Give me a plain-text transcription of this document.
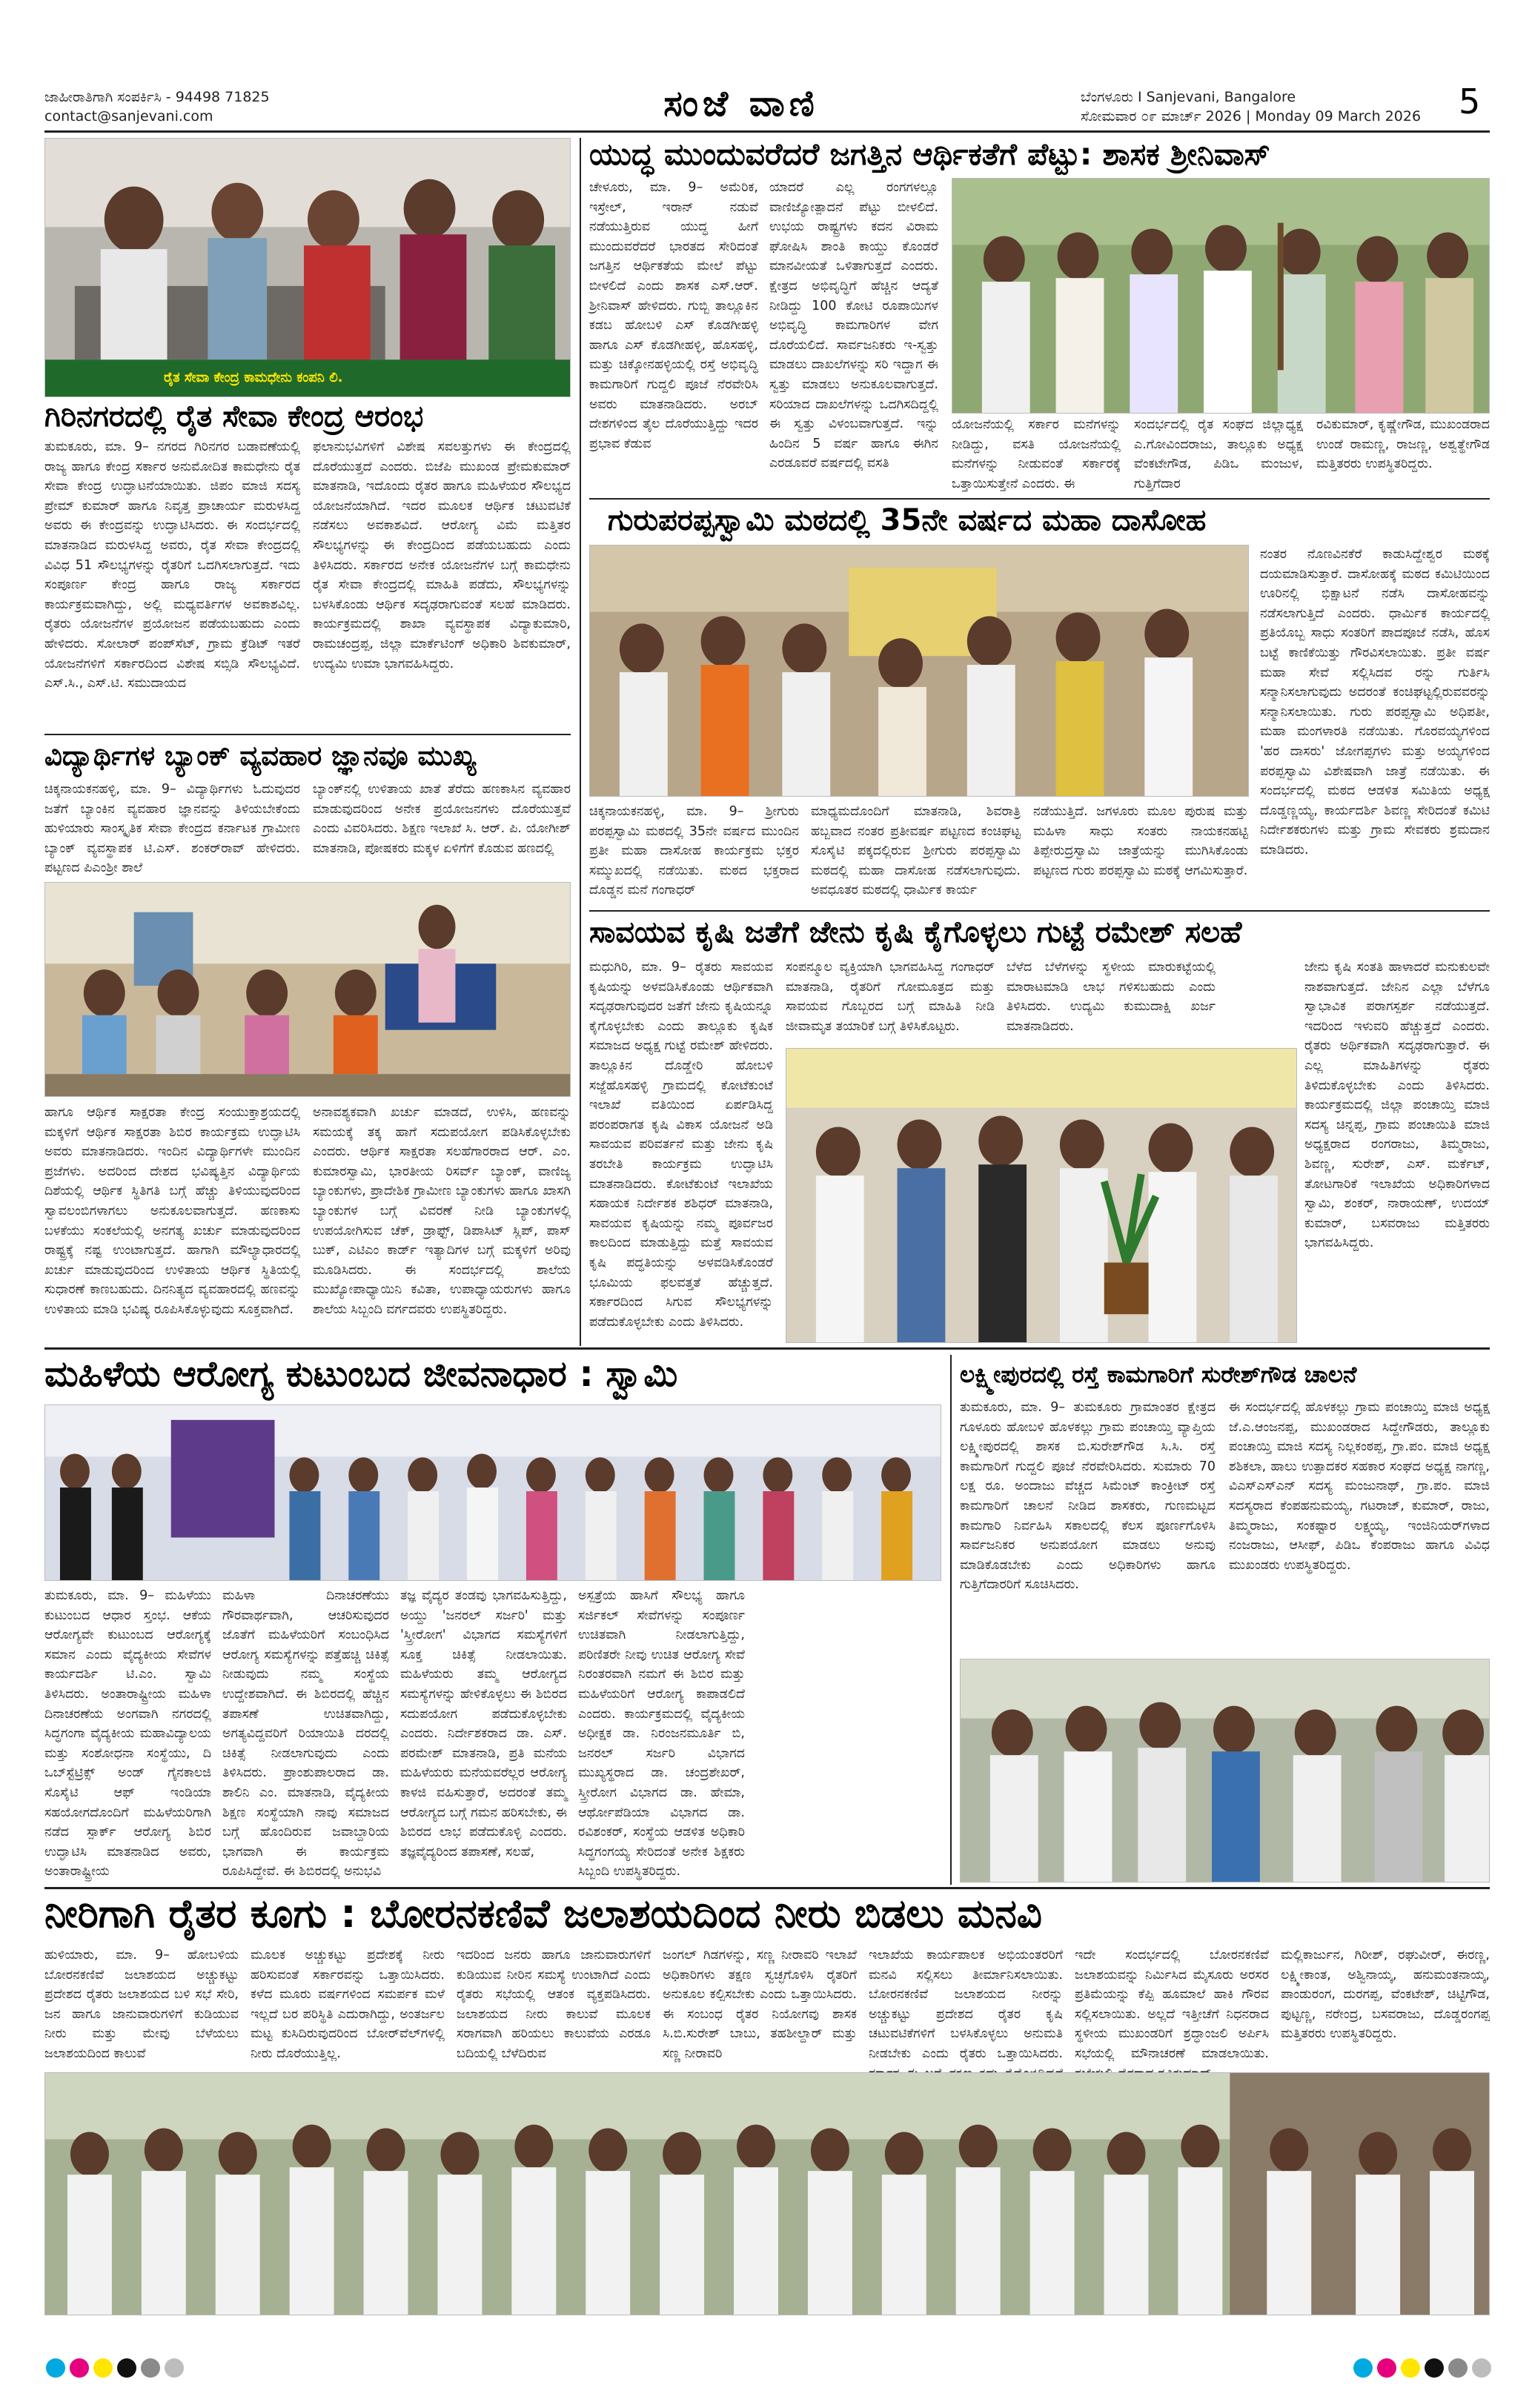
ಜಾಹೀರಾತಿಗಾಗಿ ಸಂಪರ್ಕಿಸಿ - 94498 71825
contact@sanjevani.com	ಸಂಜೆ ವಾಣಿ	ಬೆಂಗಳೂರು I Sanjevani, Bangalore
ಸೋಮವಾರ ೦೯ ಮಾರ್ಚ್ 2026 | Monday 09 March 2026 5
ರೈತ ಸೇವಾ ಕೇಂದ್ರ ಕಾಮಧೇನು ಕಂಪನಿ ಲಿ.
ಗಿರಿನಗರದಲ್ಲಿ ರೈತ ಸೇವಾ ಕೇಂದ್ರ ಆರಂಭ
ತುಮಕೂರು, ಮಾ. 9– ನಗರದ ಗಿರಿನಗರ ಬಡಾವಣೆಯಲ್ಲಿ ರಾಜ್ಯ ಹಾಗೂ ಕೇಂದ್ರ ಸರ್ಕಾರ ಅನುಮೋದಿತ ಕಾಮಧೇನು ರೈತ ಸೇವಾ ಕೇಂದ್ರ ಉದ್ಘಾಟನೆಯಾಯಿತು. ಜಿಪಂ ಮಾಜಿ ಸದಸ್ಯ ಪ್ರೇಮ್ ಕುಮಾರ್ ಹಾಗೂ ನಿವೃತ್ತ ಪ್ರಾಚಾರ್ಯ ಮರುಳಸಿದ್ದ ಅವರು ಈ ಕೇಂದ್ರವನ್ನು ಉದ್ಘಾಟಿಸಿದರು. ಈ ಸಂದರ್ಭದಲ್ಲಿ ಮಾತನಾಡಿದ ಮರುಳಸಿದ್ದ ಅವರು, ರೈತ ಸೇವಾ ಕೇಂದ್ರದಲ್ಲಿ ವಿವಿಧ 51 ಸೌಲಭ್ಯಗಳನ್ನು ರೈತರಿಗೆ ಒದಗಿಸಲಾಗುತ್ತದೆ. ಇದು ಸಂಪೂರ್ಣ ಕೇಂದ್ರ ಹಾಗೂ ರಾಜ್ಯ ಸರ್ಕಾರದ ಕಾರ್ಯಕ್ರಮವಾಗಿದ್ದು, ಅಲ್ಲಿ ಮಧ್ಯವರ್ತಿಗಳ ಅವಕಾಶವಿಲ್ಲ. ರೈತರು ಯೋಜನೆಗಳ ಪ್ರಯೋಜನ ಪಡೆಯಬಹುದು ಎಂದು ಹೇಳಿದರು. ಸೋಲಾರ್ ಪಂಪ್‌ಸೆಟ್, ಗ್ರಾಮ ಕ್ರೆಡಿಟ್ ಇತರೆ ಯೋಜನೆಗಳಿಗೆ ಸರ್ಕಾರದಿಂದ ವಿಶೇಷ ಸಬ್ಸಿಡಿ ಸೌಲಭ್ಯವಿದೆ. ಎಸ್.ಸಿ., ಎಸ್.ಟಿ. ಸಮುದಾಯದ
ಫಲಾನುಭವಿಗಳಿಗೆ ವಿಶೇಷ ಸವಲತ್ತುಗಳು ಈ ಕೇಂದ್ರದಲ್ಲಿ ದೊರೆಯುತ್ತದೆ ಎಂದರು. ಬಿಜೆಪಿ ಮುಖಂಡ ಪ್ರೇಮಕುಮಾರ್ ಮಾತನಾಡಿ, ಇದೊಂದು ರೈತರ ಹಾಗೂ ಮಹಿಳೆಯರ ಸೌಲಭ್ಯದ ಯೋಜನೆಯಾಗಿದೆ. ಇದರ ಮೂಲಕ ಆರ್ಥಿಕ ಚಟುವಟಿಕೆ ನಡೆಸಲು ಅವಕಾಶವಿದೆ. ಆರೋಗ್ಯ ವಿಮೆ ಮತ್ತಿತರ ಸೌಲಭ್ಯಗಳನ್ನು ಈ ಕೇಂದ್ರದಿಂದ ಪಡೆಯಬಹುದು ಎಂದು ತಿಳಿಸಿದರು. ಸರ್ಕಾರದ ಅನೇಕ ಯೋಜನೆಗಳ ಬಗ್ಗೆ ಕಾಮಧೇನು ರೈತ ಸೇವಾ ಕೇಂದ್ರದಲ್ಲಿ ಮಾಹಿತಿ ಪಡೆದು, ಸೌಲಭ್ಯಗಳನ್ನು ಬಳಸಿಕೊಂಡು ಆರ್ಥಿಕ ಸದೃಢರಾಗುವಂತೆ ಸಲಹೆ ಮಾಡಿದರು. ಕಾರ್ಯಕ್ರಮದಲ್ಲಿ ಶಾಖಾ ವ್ಯವಸ್ಥಾಪಕ ವಿದ್ಯಾಕುಮಾರಿ, ರಾಮಚಂದ್ರಪ್ಪ, ಜಿಲ್ಲಾ ಮಾರ್ಕೆಟಿಂಗ್ ಅಧಿಕಾರಿ ಶಿವಕುಮಾರ್, ಉದ್ಯಮಿ ಉಮಾ ಭಾಗವಹಿಸಿದ್ದರು.
ವಿದ್ಯಾರ್ಥಿಗಳ ಬ್ಯಾಂಕ್ ವ್ಯವಹಾರ ಜ್ಞಾನವೂ ಮುಖ್ಯ
ಚಿಕ್ಕನಾಯಕನಹಳ್ಳಿ, ಮಾ. 9– ವಿದ್ಯಾರ್ಥಿಗಳು ಓದುವುದರ ಜತೆಗೆ ಬ್ಯಾಂಕಿನ ವ್ಯವಹಾರ ಜ್ಞಾನವನ್ನು ತಿಳಿಯಬೇಕೆಂದು ಹುಳಿಯಾರು ಸಾಂಸ್ಕೃತಿಕ ಸೇವಾ ಕೇಂದ್ರದ ಕರ್ನಾಟಕ ಗ್ರಾಮೀಣ ಬ್ಯಾಂಕ್ ವ್ಯವಸ್ಥಾಪಕ ಟಿ.ಎಸ್. ಶಂಕರ್‌ರಾವ್ ಹೇಳಿದರು. ಪಟ್ಟಣದ ಪಿಎಂಶ್ರೀ ಶಾಲೆ
ಬ್ಯಾಂಕ್‌ನಲ್ಲಿ ಉಳಿತಾಯ ಖಾತೆ ತೆರೆದು ಹಣಕಾಸಿನ ವ್ಯವಹಾರ ಮಾಡುವುದರಿಂದ ಅನೇಕ ಪ್ರಯೋಜನಗಳು ದೊರೆಯುತ್ತವೆ ಎಂದು ವಿವರಿಸಿದರು. ಶಿಕ್ಷಣ ಇಲಾಖೆ ಸಿ. ಆರ್. ಪಿ. ಯೋಗೀಶ್ ಮಾತನಾಡಿ, ಪೋಷಕರು ಮಕ್ಕಳ ಏಳಿಗೆಗೆ ಕೊಡುವ ಹಣದಲ್ಲಿ
ಹಾಗೂ ಆರ್ಥಿಕ ಸಾಕ್ಷರತಾ ಕೇಂದ್ರ ಸಂಯುಕ್ತಾಶ್ರಯದಲ್ಲಿ ಮಕ್ಕಳಿಗೆ ಆರ್ಥಿಕ ಸಾಕ್ಷರತಾ ಶಿಬಿರ ಕಾರ್ಯಕ್ರಮ ಉದ್ಘಾಟಿಸಿ ಅವರು ಮಾತನಾಡಿದರು. ಇಂದಿನ ವಿದ್ಯಾರ್ಥಿಗಳೇ ಮುಂದಿನ ಪ್ರಜೆಗಳು. ಅದರಿಂದ ದೇಶದ ಭವಿಷ್ಯತ್ತಿನ ವಿದ್ಯಾರ್ಥಿಯ ದಿಶೆಯಲ್ಲಿ ಆರ್ಥಿಕ ಸ್ಥಿತಿಗತಿ ಬಗ್ಗೆ ಹೆಚ್ಚು ತಿಳಿಯುವುದರಿಂದ ಸ್ವಾವಲಂಬಿಗಳಾಗಲು ಅನುಕೂಲವಾಗುತ್ತದೆ. ಹಣಕಾಸು ಬಳಕೆಯು ಸಂಕಲೆಯಲ್ಲಿ ಅನಗತ್ಯ ಖರ್ಚು ಮಾಡುವುದರಿಂದ ರಾಷ್ಟ್ರಕ್ಕೆ ನಷ್ಟ ಉಂಟಾಗುತ್ತದೆ. ಹಾಗಾಗಿ ಮೌಲ್ಯಾಧಾರದಲ್ಲಿ ಖರ್ಚು ಮಾಡುವುದರಿಂದ ಉಳಿತಾಯ ಆರ್ಥಿಕ ಸ್ಥಿತಿಯಲ್ಲಿ ಸುಧಾರಣೆ ಕಾಣಬಹುದು. ದಿನನಿತ್ಯದ ವ್ಯವಹಾರದಲ್ಲಿ ಹಣವನ್ನು ಉಳಿತಾಯ ಮಾಡಿ ಭವಿಷ್ಯ ರೂಪಿಸಿಕೊಳ್ಳುವುದು ಸೂಕ್ತವಾಗಿದೆ.
ಅನಾವಶ್ಯಕವಾಗಿ ಖರ್ಚು ಮಾಡದೆ, ಉಳಿಸಿ, ಹಣವನ್ನು ಸಮಯಕ್ಕೆ ತಕ್ಕ ಹಾಗೆ ಸದುಪಯೋಗ ಪಡಿಸಿಕೊಳ್ಳಬೇಕು ಎಂದರು. ಆರ್ಥಿಕ ಸಾಕ್ಷರತಾ ಸಲಹೆಗಾರರಾದ ಆರ್. ಎಂ. ಕುಮಾರಸ್ವಾಮಿ, ಭಾರತೀಯ ರಿಸರ್ವ್ ಬ್ಯಾಂಕ್, ವಾಣಿಜ್ಯ ಬ್ಯಾಂಕುಗಳು, ಪ್ರಾದೇಶಿಕ ಗ್ರಾಮೀಣ ಬ್ಯಾಂಕುಗಳು ಹಾಗೂ ಖಾಸಗಿ ಬ್ಯಾಂಕುಗಳ ಬಗ್ಗೆ ವಿವರಣೆ ನೀಡಿ ಬ್ಯಾಂಕುಗಳಲ್ಲಿ ಉಪಯೋಗಿಸುವ ಚೆಕ್, ಡ್ರಾಫ್ಟ್, ಡಿಪಾಸಿಟ್ ಸ್ಲಿಪ್, ಪಾಸ್ ಬುಕ್, ಎಟಿಎಂ ಕಾರ್ಡ್ ಇತ್ಯಾದಿಗಳ ಬಗ್ಗೆ ಮಕ್ಕಳಿಗೆ ಅರಿವು ಮೂಡಿಸಿದರು. ಈ ಸಂದರ್ಭದಲ್ಲಿ ಶಾಲೆಯ ಮುಖ್ಯೋಪಾಧ್ಯಾಯಿನಿ ಕವಿತಾ, ಉಪಾಧ್ಯಾಯರುಗಳು ಹಾಗೂ ಶಾಲೆಯ ಸಿಬ್ಬಂದಿ ವರ್ಗದವರು ಉಪಸ್ಥಿತರಿದ್ದರು.
ಯುದ್ಧ ಮುಂದುವರೆದರೆ ಜಗತ್ತಿನ ಆರ್ಥಿಕತೆಗೆ ಪೆಟ್ಟು: ಶಾಸಕ ಶ್ರೀನಿವಾಸ್
ಚೇಳೂರು, ಮಾ. 9– ಅಮೆರಿಕ, ಇಸ್ರೇಲ್, ಇರಾನ್ ನಡುವೆ ನಡೆಯುತ್ತಿರುವ ಯುದ್ಧ ಹೀಗೆ ಮುಂದುವರೆದರೆ ಭಾರತದ ಸೇರಿದಂತೆ ಜಗತ್ತಿನ ಆರ್ಥಿಕತೆಯ ಮೇಲೆ ಪೆಟ್ಟು ಬೀಳಲಿದೆ ಎಂದು ಶಾಸಕ ಎಸ್.ಆರ್. ಶ್ರೀನಿವಾಸ್ ಹೇಳಿದರು. ಗುಬ್ಬಿ ತಾಲ್ಲೂಕಿನ ಕಡಬ ಹೋಬಳಿ ಎಸ್ ಕೊಡಗೀಹಳ್ಳಿ ಹಾಗೂ ಎಸ್ ಕೊಡಗೀಹಳ್ಳಿ, ಹೊಸಹಳ್ಳಿ, ಮತ್ತು ಚಿಕ್ಕೋನಹಳ್ಳಿಯಲ್ಲಿ ರಸ್ತೆ ಅಭಿವೃದ್ಧಿ ಕಾಮಗಾರಿಗೆ ಗುದ್ದಲಿ ಪೂಜೆ ನೆರವೇರಿಸಿ ಅವರು ಮಾತನಾಡಿದರು. ಅರಬ್ ದೇಶಗಳಿಂದ ತೈಲ ದೊರೆಯುತ್ತಿದ್ದು ಇದರ ಪ್ರಭಾವ ಕೆಡುವ
ಯಾದರೆ ಎಲ್ಲ ರಂಗಗಳಲ್ಲೂ ವಾಣಿಜ್ಯೋತ್ಪಾದನೆ ಪೆಟ್ಟು ಬೀಳಲಿದೆ. ಉಭಯ ರಾಷ್ಟ್ರಗಳು ಕದನ ವಿರಾಮ ಘೋಷಿಸಿ ಶಾಂತಿ ಕಾಯ್ದು ಕೊಂಡರೆ ಮಾನವೀಯತೆ ಒಳಿತಾಗುತ್ತದೆ ಎಂದರು. ಕ್ಷೇತ್ರದ ಅಭಿವೃದ್ಧಿಗೆ ಹೆಚ್ಚಿನ ಆದ್ಯತೆ ನೀಡಿದ್ದು 100 ಕೋಟಿ ರೂಪಾಯಿಗಳ ಅಭಿವೃದ್ಧಿ ಕಾಮಗಾರಿಗಳ ವೇಗ ದೊರೆಯಲಿದೆ. ಸಾರ್ವಜನಿಕರು ಇ-ಸ್ವತ್ತು ಮಾಡಲು ದಾಖಲೆಗಳನ್ನು ಸರಿ ಇದ್ದಾಗ ಈ ಸ್ವತ್ತು ಮಾಡಲು ಅನುಕೂಲವಾಗುತ್ತದೆ. ಸರಿಯಾದ ದಾಖಲೆಗಳನ್ನು ಒದಗಿಸದಿದ್ದಲ್ಲಿ ಈ ಸ್ವತ್ತು ವಿಳಂಬವಾಗುತ್ತದೆ. ಇನ್ನು ಹಿಂದಿನ 5 ವರ್ಷ ಹಾಗೂ ಈಗಿನ ಎರಡೂವರೆ ವರ್ಷದಲ್ಲಿ ವಸತಿ
ಯೋಜನೆಯಲ್ಲಿ ಸರ್ಕಾರ ಮನೆಗಳನ್ನು ನೀಡಿದ್ದು, ವಸತಿ ಯೋಜನೆಯಲ್ಲಿ ಮನೆಗಳನ್ನು ನೀಡುವಂತೆ ಸರ್ಕಾರಕ್ಕೆ ಒತ್ತಾಯಿಸುತ್ತೇನೆ ಎಂದರು. ಈ
ಸಂದರ್ಭದಲ್ಲಿ ರೈತ ಸಂಘದ ಜಿಲ್ಲಾಧ್ಯಕ್ಷ ಎ.ಗೋವಿಂದರಾಜು, ತಾಲ್ಲೂಕು ಅಧ್ಯಕ್ಷ ವೆಂಕಟೇಗೌಡ, ಪಿಡಿಒ ಮಂಜುಳ, ಗುತ್ತಿಗೆದಾರ
ರವಿಕುಮಾರ್, ಕೃಷ್ಣೇಗೌಡ, ಮುಖಂಡರಾದ ಉಂಡೆ ರಾಮಣ್ಣ, ರಾಜಣ್ಣ, ಅಶ್ವತ್ಥೇಗೌಡ ಮತ್ತಿತರರು ಉಪಸ್ಥಿತರಿದ್ದರು.
ಗುರುಪರಪ್ಪಸ್ವಾಮಿ ಮಠದಲ್ಲಿ 35ನೇ ವರ್ಷದ ಮಹಾ ದಾಸೋಹ
ನಂತರ ನೊಣವಿನಕೆರೆ ಕಾಡುಸಿದ್ದೇಶ್ವರ ಮಠಕ್ಕೆ ದಯಮಾಡಿಸುತ್ತಾರೆ. ದಾಸೋಹಕ್ಕೆ ಮಠದ ಕಮಿಟಿಯಿಂದ ಊರಿನಲ್ಲಿ ಭಿಕ್ಷಾಟನೆ ನಡೆಸಿ ದಾಸೋಹವನ್ನು ನಡೆಸಲಾಗುತ್ತಿದೆ ಎಂದರು. ಧಾರ್ಮಿಕ ಕಾರ್ಯದಲ್ಲಿ ಪ್ರತಿಯೊಬ್ಬ ಸಾಧು ಸಂತರಿಗೆ ಪಾದಪೂಜೆ ನಡೆಸಿ, ಹೊಸ ಬಟ್ಟೆ ಕಾಣಿಕೆಯಿತ್ತು ಗೌರವಿಸಲಾಯಿತು. ಪ್ರತೀ ವರ್ಷ ಮಹಾ ಸೇವೆ ಸಲ್ಲಿಸಿದವ ರನ್ನು ಗುರ್ತಿಸಿ ಸನ್ಮಾನಿಸಲಾಗುವುದು ಅದರಂತೆ ಕಂಚಿಘಟ್ಟಲ್ಲಿರುವವರನ್ನು ಸನ್ಮಾನಿಸಲಾಯಿತು. ಗುರು ಪರಪ್ಪಸ್ವಾಮಿ ಅಧಿಪತೀ, ಮಹಾ ಮಂಗಳಾರತಿ ನಡೆಯಿತು. ಗೊರವಯ್ಯಗಳಿಂದ 'ಹರ ದಾಸರು' ಜೋಗಪ್ಪಗಳು ಮತ್ತು ಅಯ್ಯಗಳಿಂದ ಪರಪ್ಪಸ್ವಾಮಿ ವಿಶೇಷವಾಗಿ ಜಾತ್ರೆ ನಡೆಯಿತು. ಈ ಸಂದರ್ಭದಲ್ಲಿ ಮಠದ ಆಡಳಿತ ಸಮಿತಿಯ ಅಧ್ಯಕ್ಷ ದೊಡ್ಡಣ್ಣಯ್ಯ, ಕಾರ್ಯದರ್ಶಿ ಶಿವಣ್ಣ ಸೇರಿದಂತೆ ಕಮಿಟಿ ನಿರ್ದೇಶಕರುಗಳು ಮತ್ತು ಗ್ರಾಮ ಸೇವಕರು ಶ್ರಮದಾನ ಮಾಡಿದರು.
ಚಿಕ್ಕನಾಯಕನಹಳ್ಳಿ, ಮಾ. 9– ಶ್ರೀಗುರು ಪರಪ್ಪಸ್ವಾಮಿ ಮಠದಲ್ಲಿ 35ನೇ ವರ್ಷದ ಮುಂದಿನ ಪ್ರತೀ ಮಹಾ ದಾಸೋಹ ಕಾರ್ಯಕ್ರಮ ಭಕ್ತರ ಸಮ್ಮುಖದಲ್ಲಿ ನಡೆಯಿತು. ಮಠದ ಭಕ್ತರಾದ ದೊಡ್ಡನ ಮನೆ ಗಂಗಾಧರ್
ಮಾಧ್ಯಮದೊಂದಿಗೆ ಮಾತನಾಡಿ, ಶಿವರಾತ್ರಿ ಹಬ್ಬವಾದ ನಂತರ ಪ್ರತೀವರ್ಷ ಪಟ್ಟಣದ ಕಂಚಿಘಟ್ಟ ಸೊಸೈಟಿ ಪಕ್ಕದಲ್ಲಿರುವ ಶ್ರೀಗುರು ಪರಪ್ಪಸ್ವಾಮಿ ಮಠದಲ್ಲಿ ಮಹಾ ದಾಸೋಹ ನಡೆಸಲಾಗುವುದು. ಅವಧೂತರ ಮಠದಲ್ಲಿ ಧಾರ್ಮಿಕ ಕಾರ್ಯ
ನಡೆಯುತ್ತಿದೆ. ಜಗಳೂರು ಮೂಲ ಪುರುಷ ಮತ್ತು ಮಹಿಳಾ ಸಾಧು ಸಂತರು ನಾಯಕನಹಟ್ಟಿ ತಿಪ್ಪೇರುದ್ರಸ್ವಾಮಿ ಜಾತ್ರೆಯನ್ನು ಮುಗಿಸಿಕೊಂಡು ಪಟ್ಟಣದ ಗುರು ಪರಪ್ಪಸ್ವಾಮಿ ಮಠಕ್ಕೆ ಆಗಮಿಸುತ್ತಾರೆ.
ಸಾವಯವ ಕೃಷಿ ಜತೆಗೆ ಜೇನು ಕೃಷಿ ಕೈಗೊಳ್ಳಲು ಗುಟ್ಟೆ ರಮೇಶ್ ಸಲಹೆ
ಮಧುಗಿರಿ, ಮಾ. 9– ರೈತರು ಸಾವಯವ ಕೃಷಿಯನ್ನು ಅಳವಡಿಸಿಕೊಂಡು ಆರ್ಥಿಕವಾಗಿ ಸದೃಢರಾಗುವುದರ ಜತೆಗೆ ಜೇನು ಕೃಷಿಯನ್ನೂ ಕೈಗೊಳ್ಳಬೇಕು ಎಂದು ತಾಲ್ಲೂಕು ಕೃಷಿಕ ಸಮಾಜದ ಅಧ್ಯಕ್ಷ ಗುಟ್ಟೆ ರಮೇಶ್ ಹೇಳಿದರು. ತಾಲ್ಲೂಕಿನ ದೊಡ್ಡೇರಿ ಹೋಬಳಿ ಸಜ್ಜೆಹೊಸಹಳ್ಳಿ ಗ್ರಾಮದಲ್ಲಿ ಕೋಟೆಕುಂಟೆ ಇಲಾಖೆ ವತಿಯಿಂದ ಏರ್ಪಡಿಸಿದ್ದ ಪರಂಪರಾಗತ ಕೃಷಿ ವಿಕಾಸ ಯೋಜನೆ ಅಡಿ ಸಾವಯವ ಪರಿವರ್ತನೆ ಮತ್ತು ಜೇನು ಕೃಷಿ ತರಬೇತಿ ಕಾರ್ಯಕ್ರಮ ಉದ್ಘಾಟಿಸಿ ಮಾತನಾಡಿದರು. ಕೋಟೆಕುಂಟೆ ಇಲಾಖೆಯ ಸಹಾಯಕ ನಿರ್ದೇಶಕ ಶಶಿಧರ್ ಮಾತನಾಡಿ, ಸಾವಯವ ಕೃಷಿಯನ್ನು ನಮ್ಮ ಪೂರ್ವಜರ ಕಾಲದಿಂದ ಮಾಡುತ್ತಿದ್ದು ಮತ್ತೆ ಸಾವಯವ ಕೃಷಿ ಪದ್ಧತಿಯನ್ನು ಅಳವಡಿಸಿಕೊಂಡರೆ ಭೂಮಿಯ ಫಲವತ್ತತೆ ಹೆಚ್ಚುತ್ತದೆ. ಸರ್ಕಾರದಿಂದ ಸಿಗುವ ಸೌಲಭ್ಯಗಳನ್ನು ಪಡೆದುಕೊಳ್ಳಬೇಕು ಎಂದು ತಿಳಿಸಿದರು.
ಸಂಪನ್ಮೂಲ ವ್ಯಕ್ತಿಯಾಗಿ ಭಾಗವಹಿಸಿದ್ದ ಗಂಗಾಧರ್ ಮಾತನಾಡಿ, ರೈತರಿಗೆ ಗೋಮೂತ್ರದ ಮತ್ತು ಸಾವಯವ ಗೊಬ್ಬರದ ಬಗ್ಗೆ ಮಾಹಿತಿ ನೀಡಿ ಜೀವಾಮೃತ ತಯಾರಿಕೆ ಬಗ್ಗೆ ತಿಳಿಸಿಕೊಟ್ಟರು.
ಬೆಳೆದ ಬೆಳೆಗಳನ್ನು ಸ್ಥಳೀಯ ಮಾರುಕಟ್ಟೆಯಲ್ಲಿ ಮಾರಾಟಮಾಡಿ ಲಾಭ ಗಳಿಸಬಹುದು ಎಂದು ತಿಳಿಸಿದರು. ಉದ್ಯಮಿ ಕುಮುದಾಕ್ಷಿ ಖರ್ಜ ಮಾತನಾಡಿದರು.
ಜೇನು ಕೃಷಿ ಸಂತತಿ ಹಾಳಾದರೆ ಮನುಕುಲವೇ ನಾಶವಾಗುತ್ತದೆ. ಜೇನಿನ ಎಲ್ಲಾ ಬೆಳೆಗೂ ಸ್ವಾಭಾವಿಕ ಪರಾಗಸ್ಪರ್ಶ ನಡೆಯುತ್ತದೆ. ಇದರಿಂದ ಇಳುವರಿ ಹೆಚ್ಚುತ್ತದೆ ಎಂದರು. ರೈತರು ಅರ್ಥಿಕವಾಗಿ ಸದೃಢರಾಗುತ್ತಾರೆ. ಈ ಎಲ್ಲ ಮಾಹಿತಿಗಳನ್ನು ರೈತರು ತಿಳಿದುಕೊಳ್ಳಬೇಕು ಎಂದು ತಿಳಿಸಿದರು. ಕಾರ್ಯಕ್ರಮದಲ್ಲಿ ಜಿಲ್ಲಾ ಪಂಚಾಯ್ತಿ ಮಾಜಿ ಸದಸ್ಯ ಚಿನ್ನಪ್ಪ, ಗ್ರಾಮ ಪಂಚಾಯಿತಿ ಮಾಜಿ ಅಧ್ಯಕ್ಷರಾದ ರಂಗರಾಜು, ತಿಮ್ಮರಾಜು, ಶಿವಣ್ಣ, ಸುರೇಶ್, ಎಸ್. ಮರ್ಕೆಟ್, ತೋಟಗಾರಿಕೆ ಇಲಾಖೆಯ ಅಧಿಕಾರಿಗಳಾದ ಸ್ವಾಮಿ, ಶಂಕರ್, ನಾರಾಯಣ್, ಉದಯ್ ಕುಮಾರ್, ಬಸವರಾಜು ಮತ್ತಿತರರು ಭಾಗವಹಿಸಿದ್ದರು.
ಮಹಿಳೆಯ ಆರೋಗ್ಯ ಕುಟುಂಬದ ಜೀವನಾಧಾರ : ಸ್ವಾಮಿ
ತುಮಕೂರು, ಮಾ. 9– ಮಹಿಳೆಯು ಕುಟುಂಬದ ಆಧಾರ ಸ್ತಂಭ. ಆಕೆಯ ಆರೋಗ್ಯವೇ ಕುಟುಂಬದ ಆರೋಗ್ಯಕ್ಕೆ ಸಮಾನ ಎಂದು ವೈದ್ಯಕೀಯ ಸೇವೆಗಳ ಕಾರ್ಯದರ್ಶಿ ಟಿ.ಎಂ. ಸ್ವಾಮಿ ತಿಳಿಸಿದರು. ಅಂತಾರಾಷ್ಟ್ರೀಯ ಮಹಿಳಾ ದಿನಾಚರಣೆಯ ಅಂಗವಾಗಿ ನಗರದಲ್ಲಿ ಸಿದ್ಧಗಂಗಾ ವೈದ್ಯಕೀಯ ಮಹಾವಿದ್ಯಾಲಯ ಮತ್ತು ಸಂಶೋಧನಾ ಸಂಸ್ಥೆಯು, ದಿ ಒಬ್‌ಸ್ಟೆಟ್ರಿಕ್ಸ್ ಅಂಡ್ ಗೈನಕಾಲಜಿ ಸೊಸೈಟಿ ಆಫ್ ಇಂಡಿಯಾ ಸಹಯೋಗದೊಂದಿಗೆ ಮಹಿಳೆಯರಿಗಾಗಿ ನಡೆದ ಸ್ಪಾರ್ಕ್ ಆರೋಗ್ಯ ಶಿಬಿರ ಉದ್ಘಾಟಿಸಿ ಮಾತನಾಡಿದ ಅವರು, ಅಂತಾರಾಷ್ಟ್ರೀಯ
ಮಹಿಳಾ ದಿನಾಚರಣೆಯು ಗೌರವಾರ್ಥವಾಗಿ, ಆಚರಿಸುವುದರ ಜೊತೆಗೆ ಮಹಿಳೆಯರಿಗೆ ಸಂಬಂಧಿಸಿದ ಆರೋಗ್ಯ ಸಮಸ್ಯೆಗಳನ್ನು ಪತ್ತೆಹಚ್ಚಿ ಚಿಕಿತ್ಸೆ ನೀಡುವುದು ನಮ್ಮ ಸಂಸ್ಥೆಯ ಉದ್ದೇಶವಾಗಿದೆ. ಈ ಶಿಬಿರದಲ್ಲಿ ಹೆಚ್ಚಿನ ತಪಾಸಣೆ ಉಚಿತವಾಗಿದ್ದು, ಅಗತ್ಯವಿದ್ದವರಿಗೆ ರಿಯಾಯಿತಿ ದರದಲ್ಲಿ ಚಿಕಿತ್ಸೆ ನೀಡಲಾಗುವುದು ಎಂದು ತಿಳಿಸಿದರು. ಪ್ರಾಂಶುಪಾಲರಾದ ಡಾ. ಶಾಲಿನಿ ಎಂ. ಮಾತನಾಡಿ, ವೈದ್ಯಕೀಯ ಶಿಕ್ಷಣ ಸಂಸ್ಥೆಯಾಗಿ ನಾವು ಸಮಾಜದ ಬಗ್ಗೆ ಹೊಂದಿರುವ ಜವಾಬ್ದಾರಿಯ ಭಾಗವಾಗಿ ಈ ಕಾರ್ಯಕ್ರಮ ರೂಪಿಸಿದ್ದೇವೆ. ಈ ಶಿಬಿರದಲ್ಲಿ ಅನುಭವಿ
ತಜ್ಞ ವೈದ್ಯರ ತಂಡವು ಭಾಗವಹಿಸುತ್ತಿದ್ದು, ಅಯ್ದು 'ಜನರಲ್ ಸರ್ಜರಿ' ಮತ್ತು 'ಸ್ತ್ರೀರೋಗ' ವಿಭಾಗದ ಸಮಸ್ಯೆಗಳಿಗೆ ಸೂಕ್ತ ಚಿಕಿತ್ಸೆ ನೀಡಲಾಯಿತು. ಮಹಿಳೆಯರು ತಮ್ಮ ಆರೋಗ್ಯದ ಸಮಸ್ಯೆಗಳನ್ನು ಹೇಳಿಕೊಳ್ಳಲು ಈ ಶಿಬಿರದ ಸದುಪಯೋಗ ಪಡೆದುಕೊಳ್ಳಬೇಕು ಎಂದರು. ನಿರ್ದೇಶಕರಾದ ಡಾ. ಎಸ್. ಪರಮೇಶ್ ಮಾತನಾಡಿ, ಪ್ರತಿ ಮನೆಯ ಮಹಿಳೆಯರು ಮನೆಯವರೆಲ್ಲರ ಆರೋಗ್ಯ ಕಾಳಜಿ ವಹಿಸುತ್ತಾರೆ, ಅದರಂತೆ ತಮ್ಮ ಆರೋಗ್ಯದ ಬಗ್ಗೆ ಗಮನ ಹರಿಸಬೇಕು, ಈ ಶಿಬಿರದ ಲಾಭ ಪಡೆದುಕೊಳ್ಳಿ ಎಂದರು. ತಜ್ಞವೈದ್ಯರಿಂದ ತಪಾಸಣೆ, ಸಲಹೆ,
ಅಸ್ಪತ್ರೆಯ ಹಾಸಿಗೆ ಸೌಲಭ್ಯ ಹಾಗೂ ಸರ್ಜಿಕಲ್ ಸೇವೆಗಳನ್ನು ಸಂಪೂರ್ಣ ಉಚಿತವಾಗಿ ನೀಡಲಾಗುತ್ತಿದ್ದು, ಪರಿಣಿತರೇ ನೀವು ಉಚಿತ ಆರೋಗ್ಯ ಸೇವೆ ನಿರಂತರವಾಗಿ ನಮಗೆ ಈ ಶಿಬಿರ ಮತ್ತು ಮಹಿಳೆಯರಿಗೆ ಆರೋಗ್ಯ ಕಾಪಾಡಲಿದೆ ಎಂದರು. ಕಾರ್ಯಕ್ರಮದಲ್ಲಿ ವೈದ್ಯಕೀಯ ಅಧೀಕ್ಷಕ ಡಾ. ನಿರಂಜನಮೂರ್ತಿ ಬಿ, ಜನರಲ್ ಸರ್ಜರಿ ವಿಭಾಗದ ಮುಖ್ಯಸ್ಥರಾದ ಡಾ. ಚಂದ್ರಶೇಖರ್, ಸ್ತ್ರೀರೋಗ ವಿಭಾಗದ ಡಾ. ಹೇಮಾ, ಆರ್ಥೋಪೆಡಿಯಾ ವಿಭಾಗದ ಡಾ. ರವಿಶಂಕರ್, ಸಂಸ್ಥೆಯ ಆಡಳಿತ ಅಧಿಕಾರಿ ಸಿದ್ಧಗಂಗಯ್ಯ ಸೇರಿದಂತೆ ಅನೇಕ ಶಿಕ್ಷಕರು ಸಿಬ್ಬಂದಿ ಉಪಸ್ಥಿತರಿದ್ದರು.
ಲಕ್ಷ್ಮೀಪುರದಲ್ಲಿ ರಸ್ತೆ ಕಾಮಗಾರಿಗೆ ಸುರೇಶ್‌ಗೌಡ ಚಾಲನೆ
ತುಮಕೂರು, ಮಾ. 9– ತುಮಕೂರು ಗ್ರಾಮಾಂತರ ಕ್ಷೇತ್ರದ ಗೂಳೂರು ಹೋಬಳಿ ಹೊಳಕಲ್ಲು ಗ್ರಾಮ ಪಂಚಾಯ್ತಿ ವ್ಯಾಪ್ತಿಯ ಲಕ್ಷ್ಮೀಪುರದಲ್ಲಿ ಶಾಸಕ ಬಿ.ಸುರೇಶ್‌ಗೌಡ ಸಿ.ಸಿ. ರಸ್ತೆ ಕಾಮಗಾರಿಗೆ ಗುದ್ದಲಿ ಪೂಜೆ ನೆರವೇರಿಸಿದರು. ಸುಮಾರು 70 ಲಕ್ಷ ರೂ. ಅಂದಾಜು ವೆಚ್ಚದ ಸಿಮೆಂಟ್ ಕಾಂಕ್ರೀಟ್ ರಸ್ತೆ ಕಾಮಗಾರಿಗೆ ಚಾಲನೆ ನೀಡಿದ ಶಾಸಕರು, ಗುಣಮಟ್ಟದ ಕಾಮಗಾರಿ ನಿರ್ವಹಿಸಿ ಸಕಾಲದಲ್ಲಿ ಕೆಲಸ ಪೂರ್ಣಗೊಳಿಸಿ ಸಾರ್ವಜನಿಕರ ಅನುಪಯೋಗ ಮಾಡಲು ಅನುವು ಮಾಡಿಕೊಡಬೇಕು ಎಂದು ಅಧಿಕಾರಿಗಳು ಹಾಗೂ ಗುತ್ತಿಗೆದಾರರಿಗೆ ಸೂಚಿಸಿದರು.
ಈ ಸಂದರ್ಭದಲ್ಲಿ ಹೊಳಕಲ್ಲು ಗ್ರಾಮ ಪಂಚಾಯ್ತಿ ಮಾಜಿ ಅಧ್ಯಕ್ಷ ಜೆ.ಎ.ಆಂಜನಪ್ಪ, ಮುಖಂಡರಾದ ಸಿದ್ದೇಗೌಡರು, ತಾಲ್ಲೂಕು ಪಂಚಾಯ್ತಿ ಮಾಜಿ ಸದಸ್ಯ ನಿಲ್ಲಕಂಠಪ್ಪ, ಗ್ರಾ.ಪಂ. ಮಾಜಿ ಅಧ್ಯಕ್ಷ ಶಶಿಕಲಾ, ಹಾಲು ಉತ್ಪಾದಕರ ಸಹಕಾರ ಸಂಘದ ಅಧ್ಯಕ್ಷ ನಾಗಣ್ಣ, ವಿಎಸ್ಎಸ್ಎನ್ ಸದಸ್ಯ ಮಂಜುನಾಥ್, ಗ್ರಾ.ಪಂ. ಮಾಜಿ ಸದಸ್ಯರಾದ ಕೆಂಪಹನುಮಯ್ಯ, ಗಟರಾಜ್, ಕುಮಾರ್, ರಾಜು, ತಿಮ್ಮರಾಜು, ಸಂಕಷ್ಟಾರ ಲಕ್ಷ್ಮಯ್ಯ, ಇಂಜಿನಿಯರ್‌ಗಳಾದ ನಂಜರಾಜು, ಆಸೀಫ್, ಪಿಡಿಒ ಕೆಂಪರಾಜು ಹಾಗೂ ವಿವಿಧ ಮುಖಂಡರು ಉಪಸ್ಥಿತರಿದ್ದರು.
ನೀರಿಗಾಗಿ ರೈತರ ಕೂಗು : ಬೋರನಕಣಿವೆ ಜಲಾಶಯದಿಂದ ನೀರು ಬಿಡಲು ಮನವಿ
ಹುಳಿಯಾರು, ಮಾ. 9– ಹೋಬಳಿಯ ಬೋರನಕಣಿವೆ ಜಲಾಶಯದ ಅಚ್ಚುಕಟ್ಟು ಪ್ರದೇಶದ ರೈತರು ಜಲಾಶಯದ ಬಳಿ ಸಭೆ ಸೇರಿ, ಜನ ಹಾಗೂ ಜಾನುವಾರುಗಳಿಗೆ ಕುಡಿಯುವ ನೀರು ಮತ್ತು ಮೇವು ಬೆಳೆಯಲು ಜಲಾಶಯದಿಂದ ಕಾಲುವೆ
ಮೂಲಕ ಅಚ್ಚುಕಟ್ಟು ಪ್ರದೇಶಕ್ಕೆ ನೀರು ಹರಿಸುವಂತೆ ಸರ್ಕಾರವನ್ನು ಒತ್ತಾಯಿಸಿದರು. ಕಳೆದ ಮೂರು ವರ್ಷಗಳಿಂದ ಸಮರ್ಪಕ ಮಳೆ ಇಲ್ಲದೆ ಬರ ಪರಿಸ್ಥಿತಿ ಎದುರಾಗಿದ್ದು, ಅಂತರ್ಜಲ ಮಟ್ಟ ಕುಸಿದಿರುವುದರಿಂದ ಬೋರ್‌ವೆಲ್‌ಗಳಲ್ಲಿ ನೀರು ದೊರೆಯುತ್ತಿಲ್ಲ.
ಇದರಿಂದ ಜನರು ಹಾಗೂ ಜಾನುವಾರುಗಳಿಗೆ ಕುಡಿಯುವ ನೀರಿನ ಸಮಸ್ಯೆ ಉಂಟಾಗಿದೆ ಎಂದು ರೈತರು ಸಭೆಯಲ್ಲಿ ಆತಂಕ ವ್ಯಕ್ತಪಡಿಸಿದರು. ಜಲಾಶಯದ ನೀರು ಕಾಲುವೆ ಮೂಲಕ ಸರಾಗವಾಗಿ ಹರಿಯಲು ಕಾಲುವೆಯ ಎರಡೂ ಬದಿಯಲ್ಲಿ ಬೆಳೆದಿರುವ
ಜಂಗಲ್ ಗಿಡಗಳನ್ನು, ಸಣ್ಣ ನೀರಾವರಿ ಇಲಾಖೆ ಅಧಿಕಾರಿಗಳು ತಕ್ಷಣ ಸ್ವಚ್ಛಗೊಳಿಸಿ ರೈತರಿಗೆ ಅನುಕೂಲ ಕಲ್ಪಿಸಬೇಕು ಎಂದು ಒತ್ತಾಯಿಸಿದರು. ಈ ಸಂಬಂಧ ರೈತರ ನಿಯೋಗವು ಶಾಸಕ ಸಿ.ಬಿ.ಸುರೇಶ್ ಬಾಬು, ತಹಶೀಲ್ದಾರ್ ಮತ್ತು ಸಣ್ಣ ನೀರಾವರಿ
ಇಲಾಖೆಯ ಕಾರ್ಯಪಾಲಕ ಅಭಿಯಂತರರಿಗೆ ಮನವಿ ಸಲ್ಲಿಸಲು ತೀರ್ಮಾನಿಸಲಾಯಿತು. ಬೋರನಕಣಿವೆ ಜಲಾಶಯದ ನೀರನ್ನು ಅಚ್ಚುಕಟ್ಟು ಪ್ರದೇಶದ ರೈತರ ಕೃಷಿ ಚಟುವಟಿಕೆಗಳಿಗೆ ಬಳಸಿಕೊಳ್ಳಲು ಅನುಮತಿ ನೀಡಬೇಕು ಎಂದು ರೈತರು ಒತ್ತಾಯಿಸಿದರು.
ಇದೇ ಸಂದರ್ಭದಲ್ಲಿ ಬೋರನಕಣಿವೆ ಜಲಾಶಯವನ್ನು ನಿರ್ಮಿಸಿದ ಮೈಸೂರು ಅರಸರ ಪ್ರತಿಮೆಯನ್ನು ಕೆಪ್ಪಿ ಹೂಮಾಲೆ ಹಾಕಿ ಗೌರವ ಸಲ್ಲಿಸಲಾಯಿತು. ಅಲ್ಲದೆ ಇತ್ತೀಚೆಗೆ ನಿಧನರಾದ ಸ್ಥಳೀಯ ಮುಖಂಡರಿಗೆ ಶ್ರದ್ಧಾಂಜಲಿ ಅರ್ಪಿಸಿ ಸಭೆಯಲ್ಲಿ ಮೌನಾಚರಣೆ ಮಾಡಲಾಯಿತು.
ಮಲ್ಲಿಕಾರ್ಜುನ, ಗಿರೀಶ್, ರಘುವೀರ್, ಈರಣ್ಣ, ಲಕ್ಷ್ಮೀಕಾಂತ, ಅಶ್ವಿನಾಯ್ಕ, ಹನುಮಂತನಾಯ್ಕ, ಪಾಂಡುರಂಗ, ದುರಗಪ್ಪ, ವೆಂಕಟೇಶ್, ಚಿಟ್ಟಿಗೌಡ, ಪುಟ್ಟಣ್ಣ, ನರೇಂದ್ರ, ಬಸವರಾಜು, ದೊಡ್ಡರಂಗಪ್ಪ ಮತ್ತಿತರರು ಉಪಸ್ಥಿತರಿದ್ದರು.
